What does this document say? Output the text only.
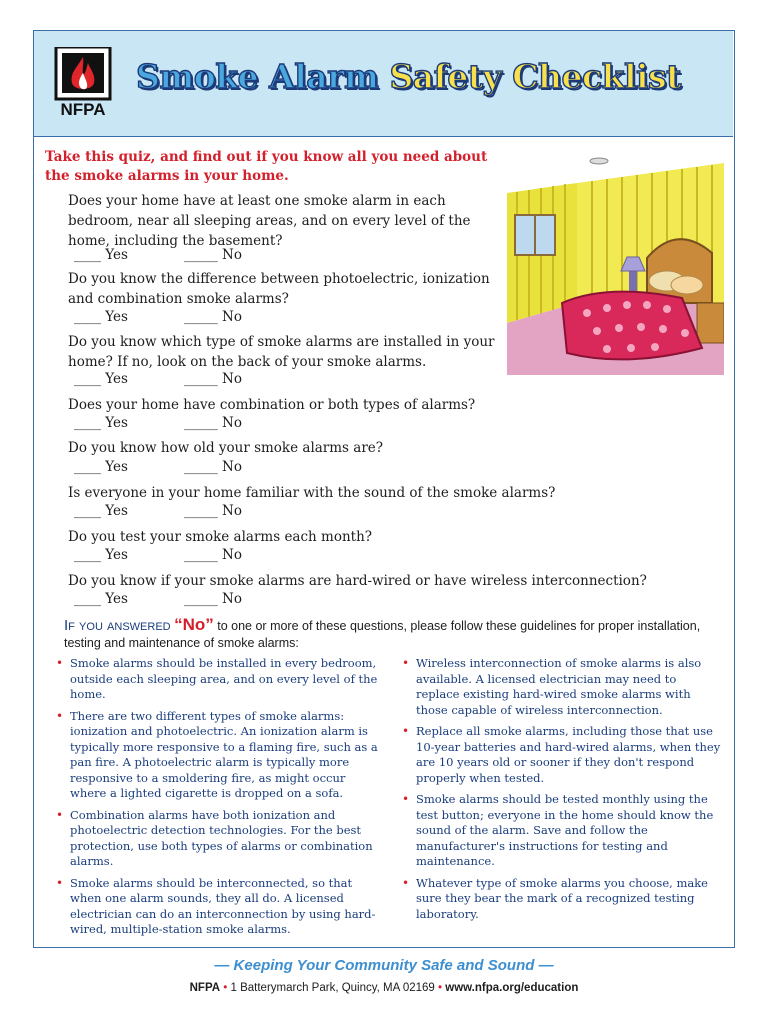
NFPA
Smoke Alarm Safety Checklist
Take this quiz, and find out if you know all you need about the smoke alarms in your home.
Does your home have at least one smoke alarm in each bedroom, near all sleeping areas, and on every level of the home, including the basement?
____ Yes	_____ No
Do you know the difference between photoelectric, ionization and combination smoke alarms?
____ Yes	_____ No
Do you know which type of smoke alarms are installed in your home? If no, look on the back of your smoke alarms.
____ Yes	_____ No
Does your home have combination or both types of alarms?
____ Yes	_____ No
Do you know how old your smoke alarms are?
____ Yes	_____ No
Is everyone in your home familiar with the sound of the smoke alarms?
____ Yes	_____ No
Do you test your smoke alarms each month?
____ Yes	_____ No
Do you know if your smoke alarms are hard-wired or have wireless interconnection?
____ Yes	_____ No
If you answered “No” to one or more of these questions, please follow these guidelines for proper installation, testing and maintenance of smoke alarms:
• Smoke alarms should be installed in every bedroom, outside each sleeping area, and on every level of the home.
• There are two different types of smoke alarms: ionization and photoelectric. An ionization alarm is typically more responsive to a flaming fire, such as a pan fire. A photoelectric alarm is typically more responsive to a smoldering fire, as might occur where a lighted cigarette is dropped on a sofa.
• Combination alarms have both ionization and photoelectric detection technologies. For the best protection, use both types of alarms or combination alarms.
• Smoke alarms should be interconnected, so that when one alarm sounds, they all do. A licensed electrician can do an interconnection by using hard-wired, multiple-station smoke alarms.
• Wireless interconnection of smoke alarms is also available. A licensed electrician may need to replace existing hard-wired smoke alarms with those capable of wireless interconnection.
• Replace all smoke alarms, including those that use 10-year batteries and hard-wired alarms, when they are 10 years old or sooner if they don't respond properly when tested.
• Smoke alarms should be tested monthly using the test button; everyone in the home should know the sound of the alarm. Save and follow the manufacturer's instructions for testing and maintenance.
• Whatever type of smoke alarms you choose, make sure they bear the mark of a recognized testing laboratory.
— Keeping Your Community Safe and Sound —
NFPA • 1 Batterymarch Park, Quincy, MA 02169 • www.nfpa.org/education
